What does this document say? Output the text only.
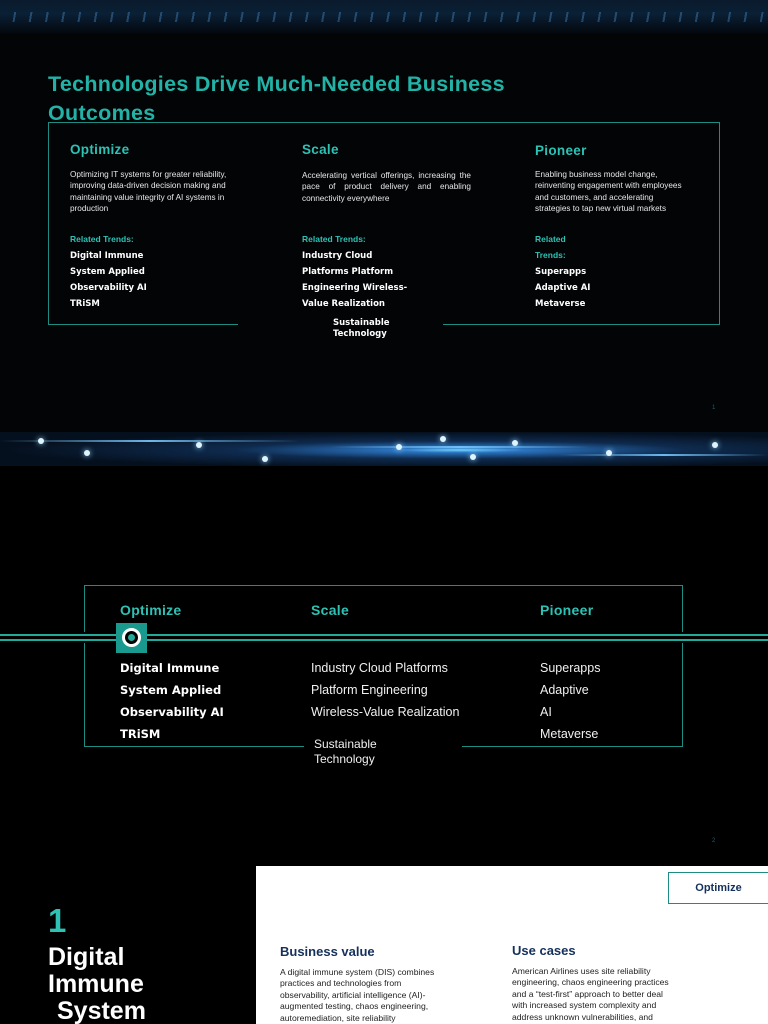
Technologies Drive Much-Needed Business Outcomes
Optimize
Optimizing IT systems for greater reliability, improving data-driven decision making and maintaining value integrity of AI systems in production
Related Trends:
Digital Immune
System Applied
Observability AI
TRiSM
Scale
Accelerating vertical offerings, increasing the pace of product delivery and enabling connectivity everywhere
Related Trends:
Industry Cloud
Platforms Platform
Engineering Wireless-
Value Realization
Pioneer
Enabling business model change, reinventing engagement with employees and customers, and accelerating strategies to tap new virtual markets
Related
Trends:
Superapps
Adaptive AI
Metaverse
Sustainable
Technology
1
Optimize	Scale	Pioneer
Digital Immune
System Applied
Observability AI
TRiSM
Industry Cloud Platforms
Platform Engineering
Wireless-Value Realization
Superapps
Adaptive
AI
Metaverse
Sustainable
Technology
2
1
Digital
Immune
System
Optimize
Business value
A digital immune system (DIS) combines
practices and technologies from
observability, artificial intelligence (AI)-
augmented testing, chaos engineering,
autoremediation, site reliability
Use cases
American Airlines uses site reliability
engineering, chaos engineering practices
and a “test-first” approach to better deal
with increased system complexity and
address unknown vulnerabilities, and
